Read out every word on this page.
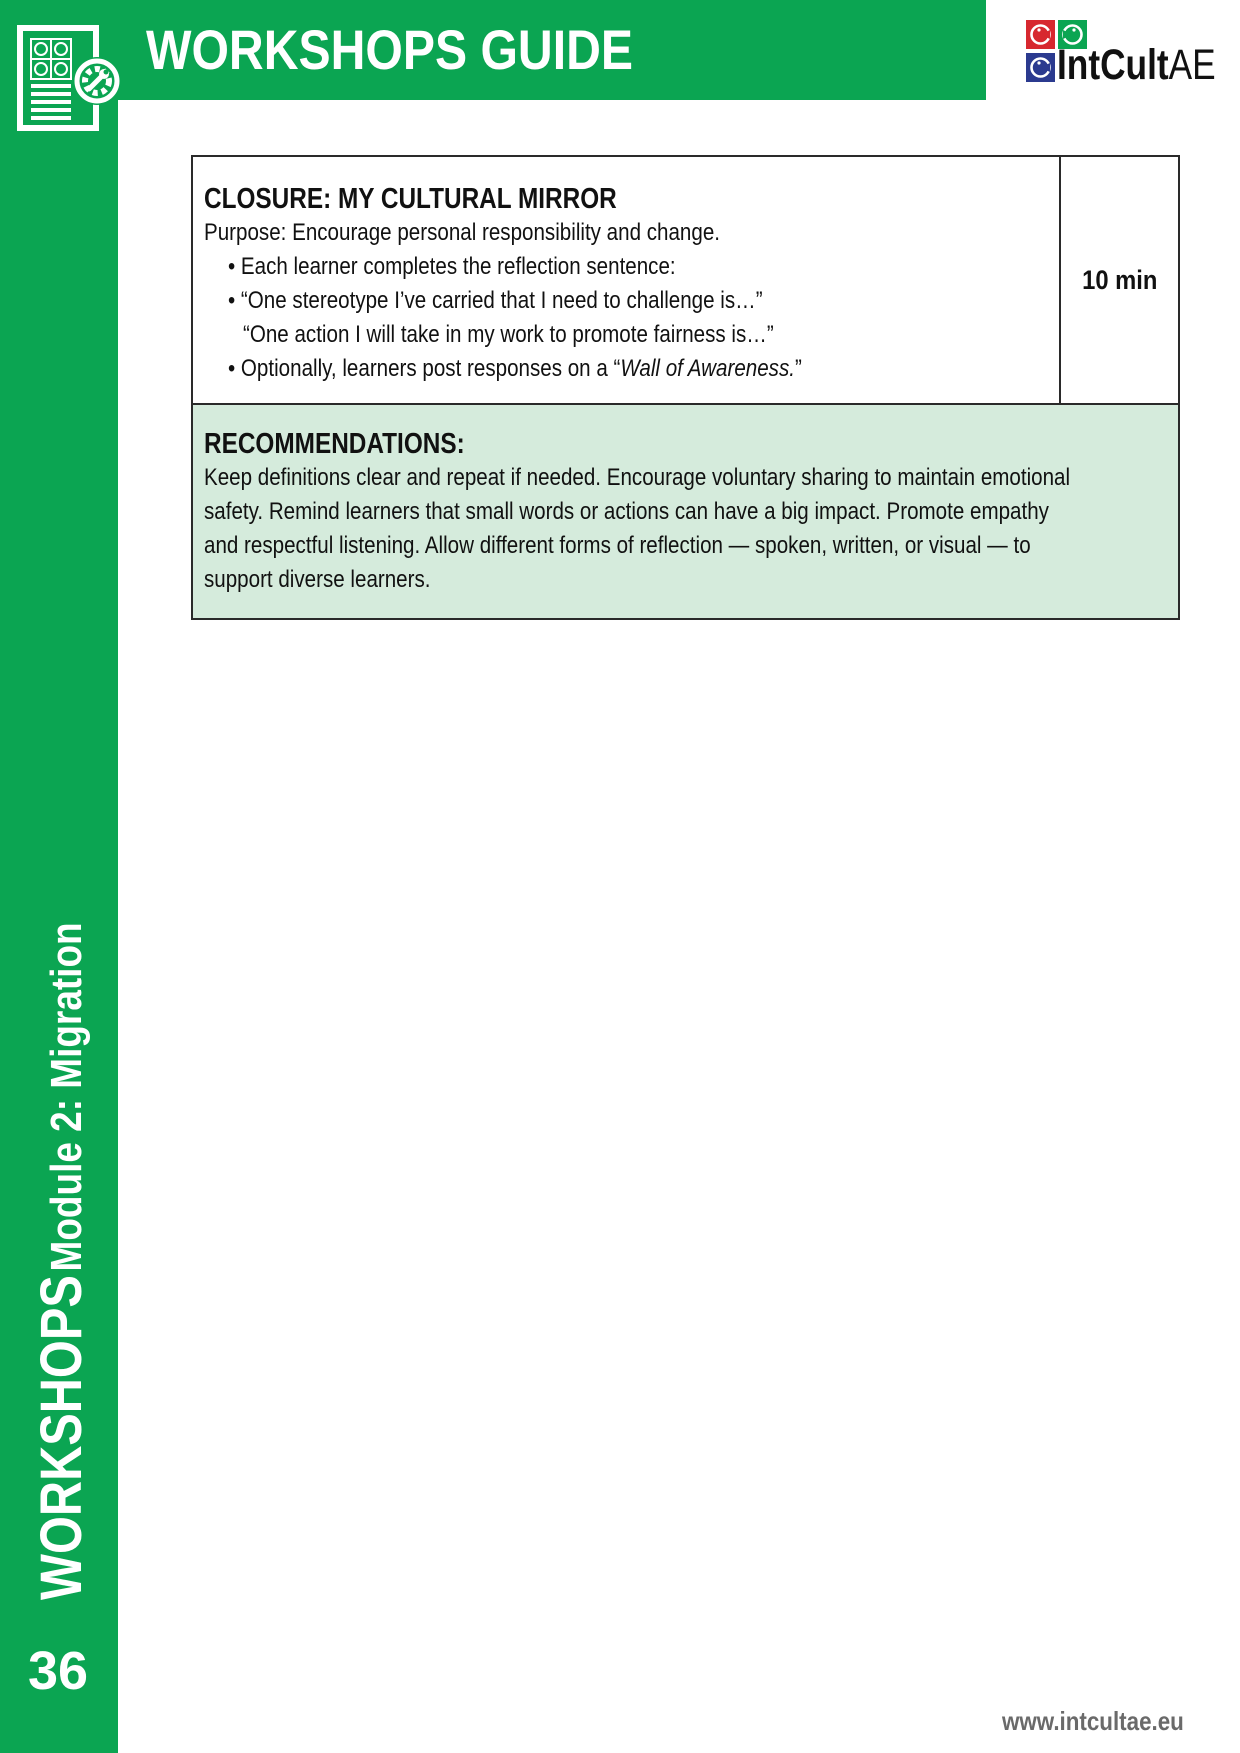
WORKSHOPS GUIDE	IntCultAE
WORKSHOPS Module 2: Migration
36
CLOSURE: MY CULTURAL MIRROR
Purpose: Encourage personal responsibility and change.
• Each learner completes the reflection sentence:
• “One stereotype I’ve carried that I need to challenge is…”
“One action I will take in my work to promote fairness is…”
• Optionally, learners post responses on a “Wall of Awareness.”
10 min
RECOMMENDATIONS:
Keep definitions clear and repeat if needed. Encourage voluntary sharing to maintain emotional
safety. Remind learners that small words or actions can have a big impact. Promote empathy
and respectful listening. Allow different forms of reflection — spoken, written, or visual — to
support diverse learners.
www.intcultae.eu
